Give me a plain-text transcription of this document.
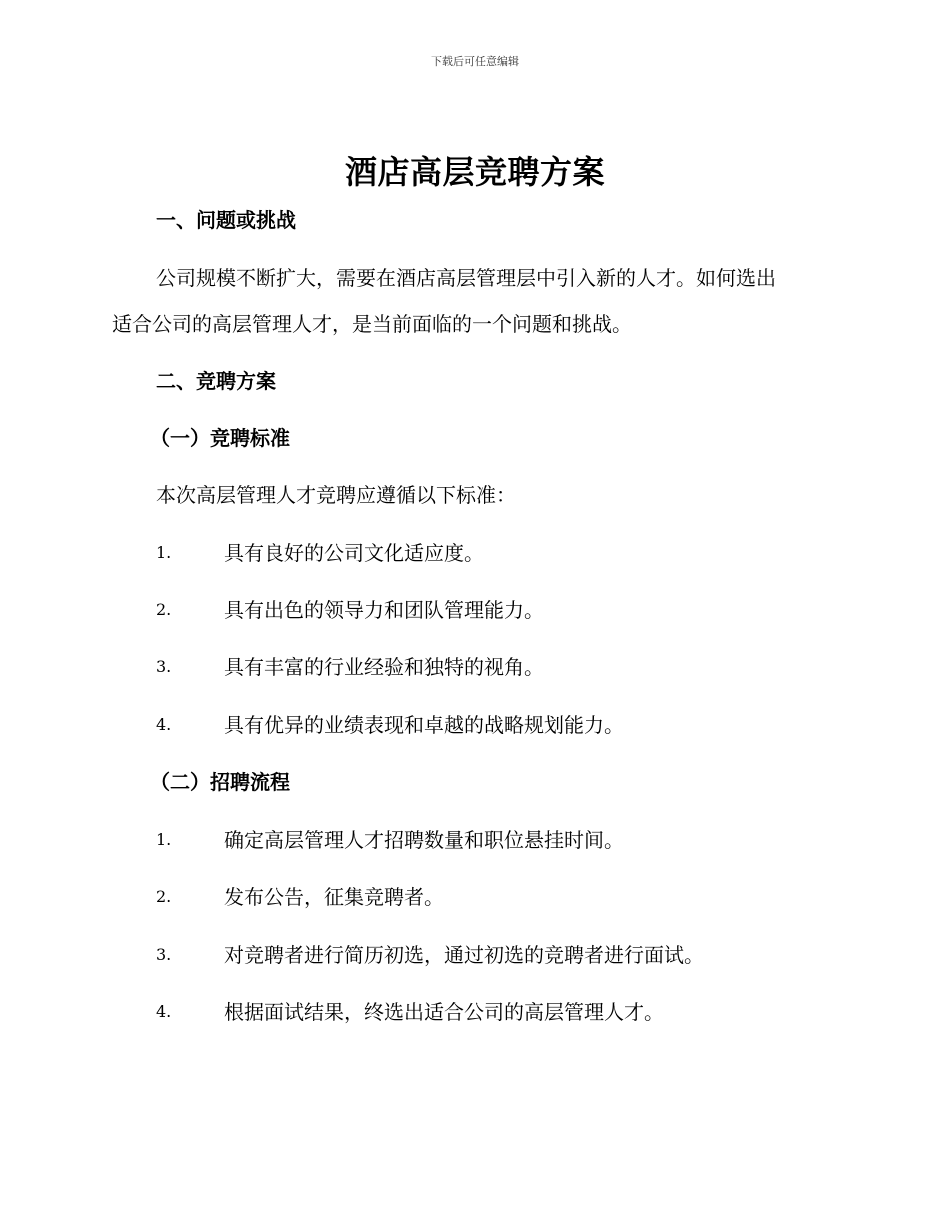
下载后可任意编辑
酒店高层竞聘方案
一、问题或挑战
公司规模不断扩大，需要在酒店高层管理层中引入新的人才。如何选出
适合公司的高层管理人才，是当前面临的一个问题和挑战。
二、竞聘方案
（一）竞聘标准
本次高层管理人才竞聘应遵循以下标准：
1.	具有良好的公司文化适应度。
2.	具有出色的领导力和团队管理能力。
3.	具有丰富的行业经验和独特的视角。
4.	具有优异的业绩表现和卓越的战略规划能力。
（二）招聘流程
1.	确定高层管理人才招聘数量和职位悬挂时间。
2.	发布公告，征集竞聘者。
3.	对竞聘者进行简历初选，通过初选的竞聘者进行面试。
4.	根据面试结果，终选出适合公司的高层管理人才。
